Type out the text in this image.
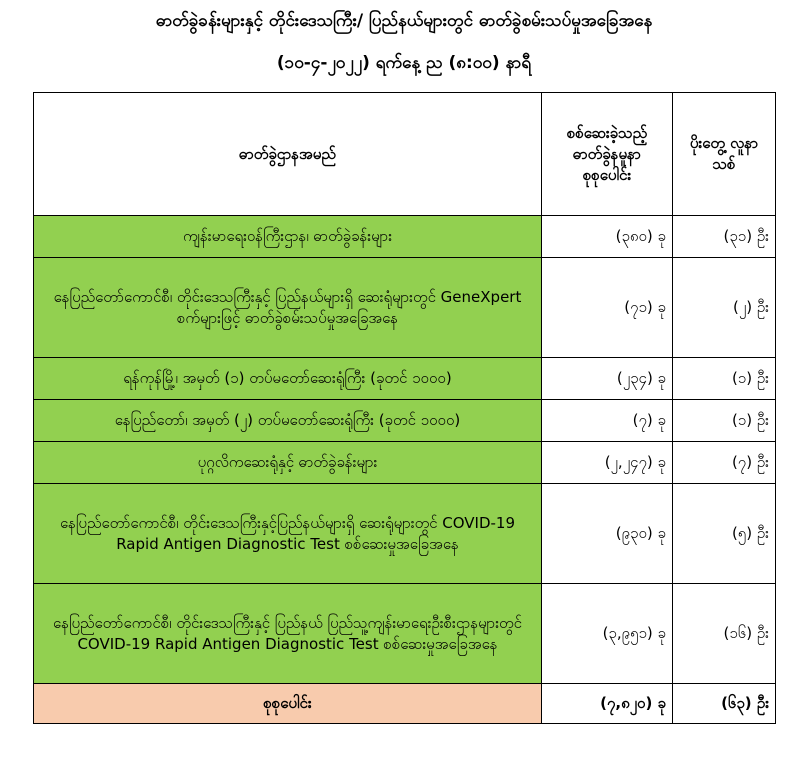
ဓာတ်ခွဲခန်းများနှင့် တိုင်းဒေသကြီး/ ပြည်နယ်များတွင် ဓာတ်ခွဲစမ်းသပ်မှုအခြေအနေ
(၁၀-၄-၂၀၂၂) ရက်နေ့ ည (၈:၀၀) နာရီ
ဓာတ်ခွဲဌာနအမည်	စစ်ဆေးခဲ့သည့် ဓာတ်ခွဲနမူနာ စုစုပေါင်း	ပိုးတွေ့ လူနာသစ်
ကျန်းမာရေးဝန်ကြီးဌာန၊ ဓာတ်ခွဲခန်းများ	(၃၈၀) ခု	(၃၁) ဦး
နေပြည်တော်ကောင်စီ၊ တိုင်းဒေသကြီးနှင့် ပြည်နယ်များရှိ ဆေးရုံများတွင် GeneXpert စက်များဖြင့် ဓာတ်ခွဲစမ်းသပ်မှုအခြေအနေ	(၇၁) ခု	(၂) ဦး
ရန်ကုန်မြို့၊ အမှတ် (၁) တပ်မတော်ဆေးရုံကြီး (ခုတင် ၁၀၀၀)	(၂၃၄) ခု	(၁) ဦး
နေပြည်တော်၊ အမှတ် (၂) တပ်မတော်ဆေးရုံကြီး (ခုတင် ၁၀၀၀)	(၇) ခု	(၁) ဦး
ပုဂ္ဂလိကဆေးရုံနှင့် ဓာတ်ခွဲခန်းများ	(၂,၂၄၇) ခု	(၇) ဦး
နေပြည်တော်ကောင်စီ၊ တိုင်းဒေသကြီးနှင့်ပြည်နယ်များရှိ ဆေးရုံများတွင် COVID-19 Rapid Antigen Diagnostic Test စစ်ဆေးမှုအခြေအနေ	(၉၃၀) ခု	(၅) ဦး
နေပြည်တော်ကောင်စီ၊ တိုင်းဒေသကြီးနှင့် ပြည်နယ် ပြည်သူ့ကျန်းမာရေးဦးစီးဌာနများတွင် COVID-19 Rapid Antigen Diagnostic Test စစ်ဆေးမှုအခြေအနေ	(၃,၉၅၁) ခု	(၁၆) ဦး
စုစုပေါင်း	(၇,၈၂၀) ခု	(၆၃) ဦး
